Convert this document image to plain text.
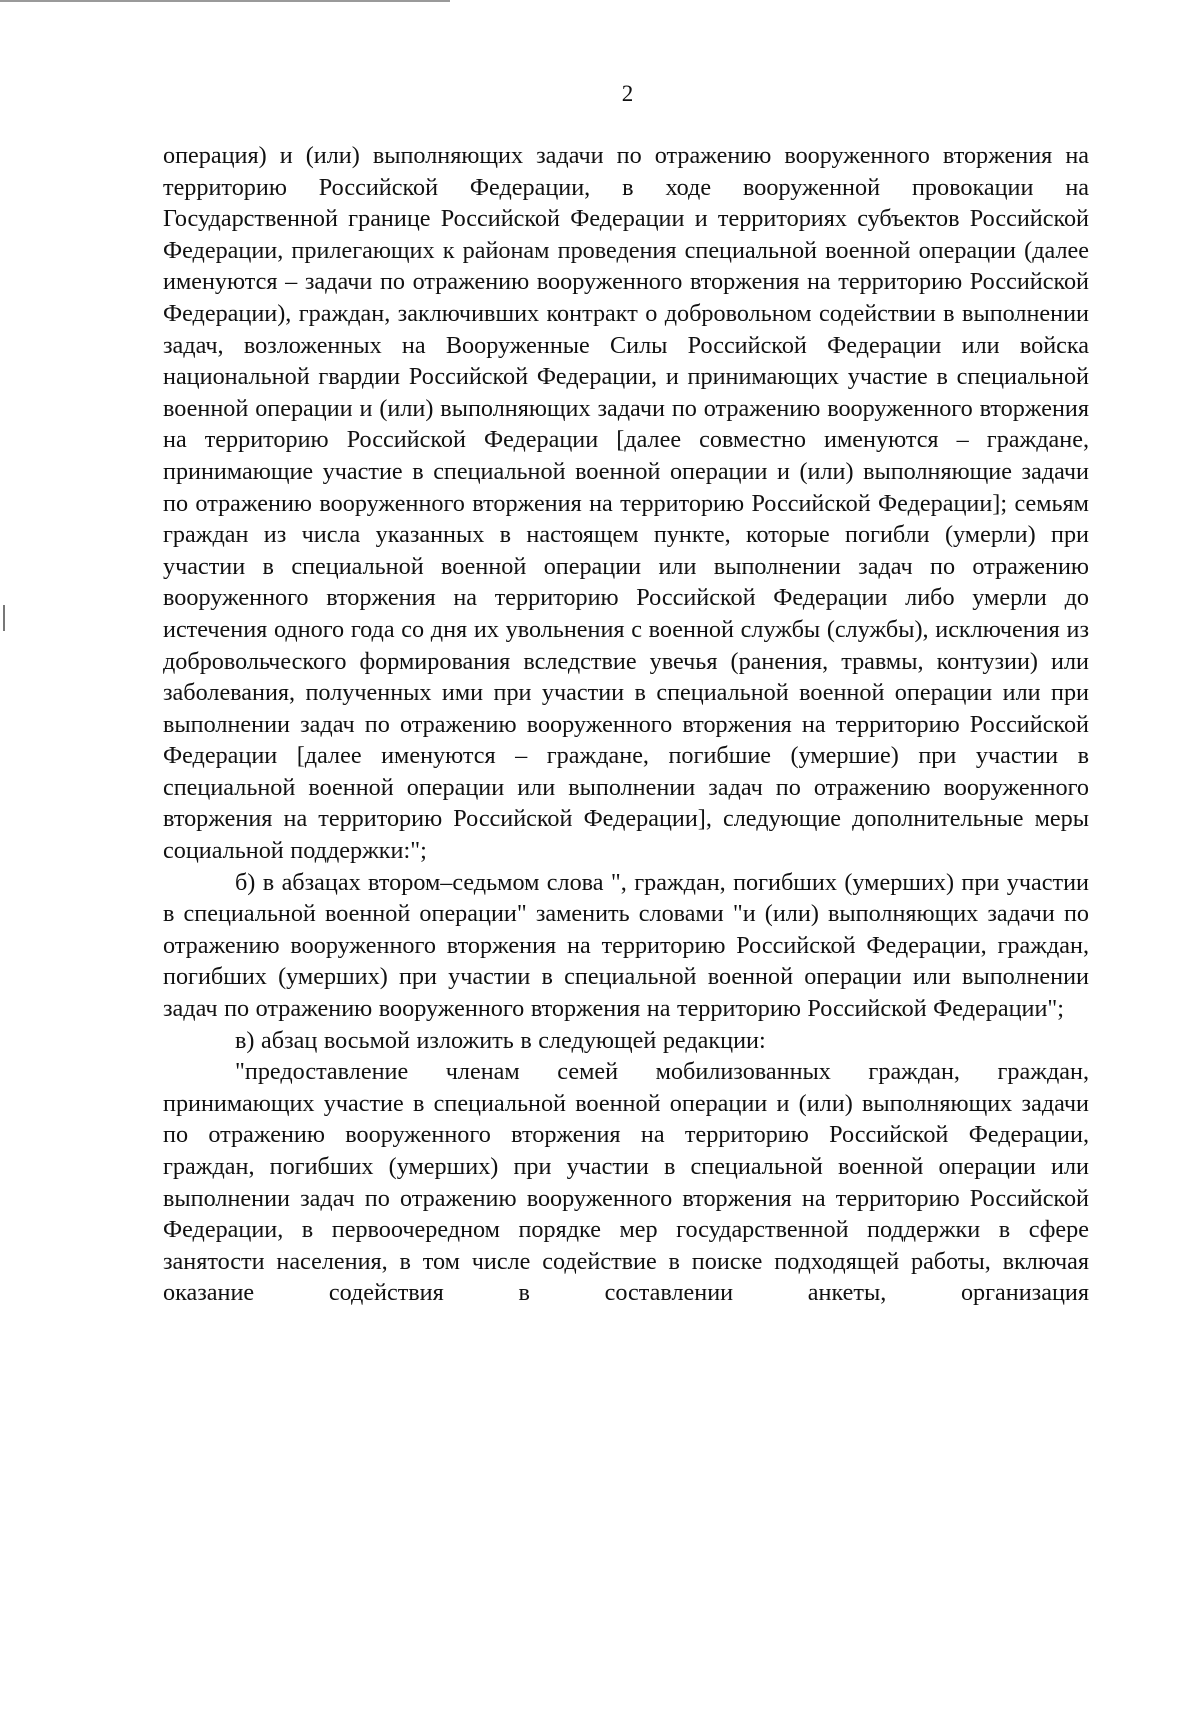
2

операция) и (или) выполняющих задачи по отражению вооруженного вторжения на территорию Российской Федерации, в ходе вооруженной провокации на Государственной границе Российской Федерации и территориях субъектов Российской Федерации, прилегающих к районам проведения специальной военной операции (далее именуются – задачи по отражению вооруженного вторжения на территорию Российской Федерации), граждан, заключивших контракт о добровольном содействии в выполнении задач, возложенных на Вооруженные Силы Российской Федерации или войска национальной гвардии Российской Федерации, и принимающих участие в специальной военной операции и (или) выполняющих задачи по отражению вооруженного вторжения на территорию Российской Федерации [далее совместно именуются – граждане, принимающие участие в специальной военной операции и (или) выполняющие задачи по отражению вооруженного вторжения на территорию Российской Федерации]; семьям граждан из числа указанных в настоящем пункте, которые погибли (умерли) при участии в специальной военной операции или выполнении задач по отражению вооруженного вторжения на территорию Российской Федерации либо умерли до истечения одного года со дня их увольнения с военной службы (службы), исключения из добровольческого формирования вследствие увечья (ранения, травмы, контузии) или заболевания, полученных ими при участии в специальной военной операции или при выполнении задач по отражению вооруженного вторжения на территорию Российской Федерации [далее именуются – граждане, погибшие (умершие) при участии в специальной военной операции или выполнении задач по отражению вооруженного вторжения на территорию Российской Федерации], следующие дополнительные меры социальной поддержки:";

б) в абзацах втором–седьмом слова ", граждан, погибших (умерших) при участии в специальной военной операции" заменить словами "и (или) выполняющих задачи по отражению вооруженного вторжения на территорию Российской Федерации, граждан, погибших (умерших) при участии в специальной военной операции или выполнении задач по отражению вооруженного вторжения на территорию Российской Федерации";

в) абзац восьмой изложить в следующей редакции:

"предоставление членам семей мобилизованных граждан, граждан, принимающих участие в специальной военной операции и (или) выполняющих задачи по отражению вооруженного вторжения на территорию Российской Федерации, граждан, погибших (умерших) при участии в специальной военной операции или выполнении задач по отражению вооруженного вторжения на территорию Российской Федерации, в первоочередном порядке мер государственной поддержки в сфере занятости населения, в том числе содействие в поиске подходящей работы, включая оказание содействия в составлении анкеты, организация
